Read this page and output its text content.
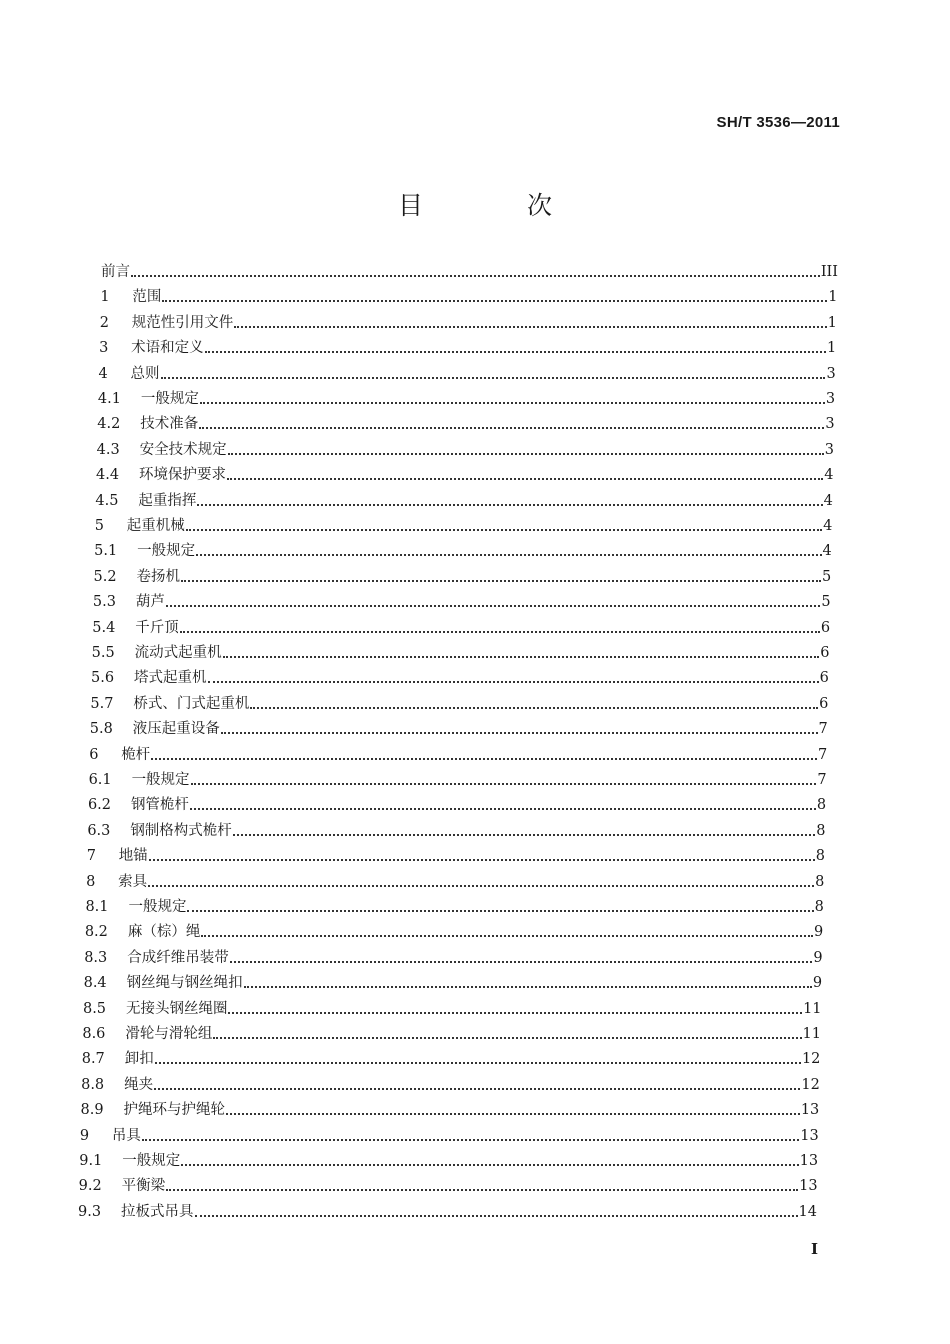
SH/T 3536—2011
目 次
前言	III
1	范围	1
2	规范性引用文件	1
3	术语和定义	1
4	总则	3
4.1	一般规定	3
4.2	技术准备	3
4.3	安全技术规定	3
4.4	环境保护要求	4
4.5	起重指挥	4
5	起重机械	4
5.1	一般规定	4
5.2	卷扬机	5
5.3	葫芦	5
5.4	千斤顶	6
5.5	流动式起重机	6
5.6	塔式起重机	6
5.7	桥式、门式起重机	6
5.8	液压起重设备	7
6	桅杆	7
6.1	一般规定	7
6.2	钢管桅杆	8
6.3	钢制格构式桅杆	8
7	地锚	8
8	索具	8
8.1	一般规定	8
8.2	麻（棕）绳	9
8.3	合成纤维吊装带	9
8.4	钢丝绳与钢丝绳扣	9
8.5	无接头钢丝绳圈	11
8.6	滑轮与滑轮组	11
8.7	卸扣	12
8.8	绳夹	12
8.9	护绳环与护绳轮	13
9	吊具	13
9.1	一般规定	13
9.2	平衡梁	13
9.3	拉板式吊具	14
I
